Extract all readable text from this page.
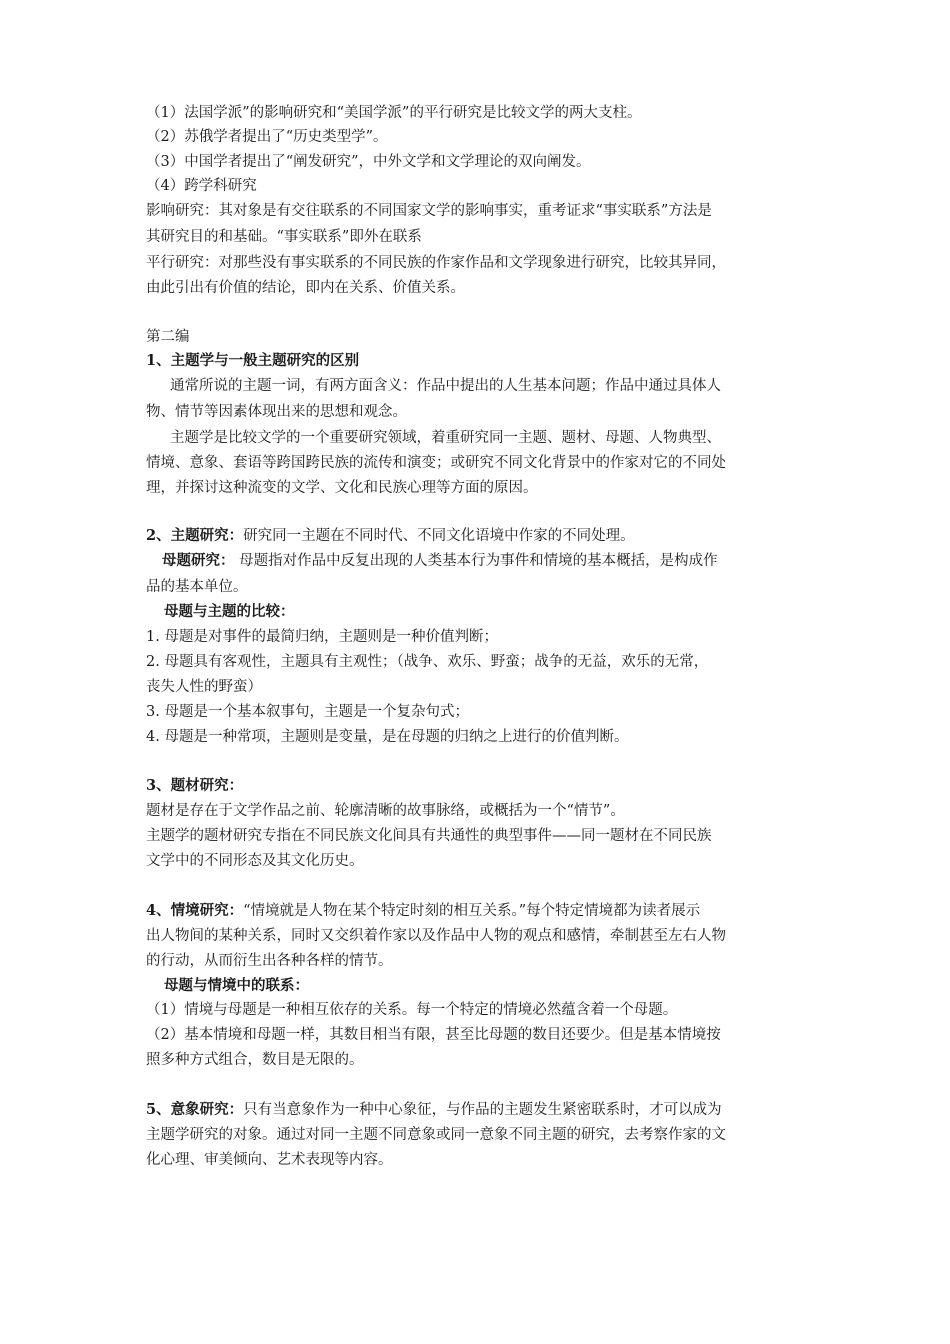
（1）法国学派”的影响研究和“美国学派”的平行研究是比较文学的两大支柱。
（2）苏俄学者提出了“历史类型学”。
（3）中国学者提出了“阐发研究”，中外文学和文学理论的双向阐发。
（4）跨学科研究
影响研究：其对象是有交往联系的不同国家文学的影响事实，重考证求“事实联系”方法是
其研究目的和基础。“事实联系”即外在联系
平行研究：对那些没有事实联系的不同民族的作家作品和文学现象进行研究，比较其异同，
由此引出有价值的结论，即内在关系、价值关系。
第二编
1、主题学与一般主题研究的区别
通常所说的主题一词，有两方面含义：作品中提出的人生基本问题；作品中通过具体人
物、情节等因素体现出来的思想和观念。
主题学是比较文学的一个重要研究领域，着重研究同一主题、题材、母题、人物典型、
情境、意象、套语等跨国跨民族的流传和演变；或研究不同文化背景中的作家对它的不同处
理，并探讨这种流变的文学、文化和民族心理等方面的原因。
2、主题研究：研究同一主题在不同时代、不同文化语境中作家的不同处理。
母题研究： 母题指对作品中反复出现的人类基本行为事件和情境的基本概括，是构成作
品的基本单位。
母题与主题的比较：
1. 母题是对事件的最简归纳，主题则是一种价值判断；
2. 母题具有客观性，主题具有主观性；（战争、欢乐、野蛮；战争的无益，欢乐的无常，
丧失人性的野蛮）
3. 母题是一个基本叙事句，主题是一个复杂句式；
4. 母题是一种常项，主题则是变量，是在母题的归纳之上进行的价值判断。
3、题材研究：
题材是存在于文学作品之前、轮廓清晰的故事脉络，或概括为一个“情节”。
主题学的题材研究专指在不同民族文化间具有共通性的典型事件——同一题材在不同民族
文学中的不同形态及其文化历史。
4、情境研究：“情境就是人物在某个特定时刻的相互关系。”每个特定情境都为读者展示
出人物间的某种关系，同时又交织着作家以及作品中人物的观点和感情，牵制甚至左右人物
的行动，从而衍生出各种各样的情节。
母题与情境中的联系：
（1）情境与母题是一种相互依存的关系。每一个特定的情境必然蕴含着一个母题。
（2）基本情境和母题一样，其数目相当有限，甚至比母题的数目还要少。但是基本情境按
照多种方式组合，数目是无限的。
5、意象研究：只有当意象作为一种中心象征，与作品的主题发生紧密联系时，才可以成为
主题学研究的对象。通过对同一主题不同意象或同一意象不同主题的研究，去考察作家的文
化心理、审美倾向、艺术表现等内容。
